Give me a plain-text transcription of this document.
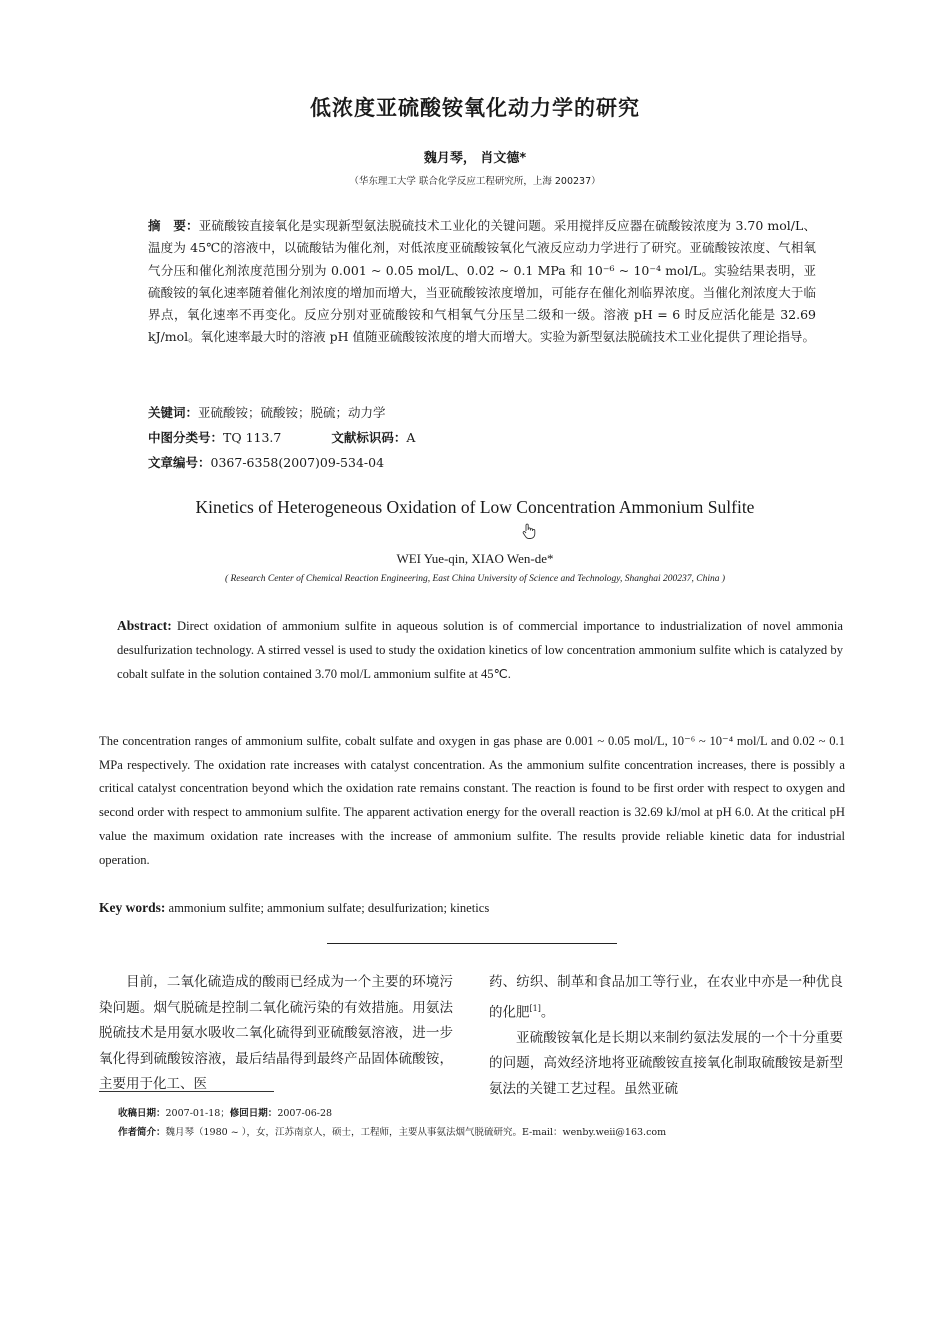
低浓度亚硫酸铵氧化动力学的研究
魏月琴， 肖文德*
（华东理工大学 联合化学反应工程研究所，上海 200237）
摘　要：亚硫酸铵直接氧化是实现新型氨法脱硫技术工业化的关键问题。采用搅拌反应器在硫酸铵浓度为 3.70 mol/L、温度为 45℃的溶液中，以硫酸钴为催化剂，对低浓度亚硫酸铵氧化气液反应动力学进行了研究。亚硫酸铵浓度、气相氧气分压和催化剂浓度范围分别为 0.001 ~ 0.05 mol/L、0.02 ~ 0.1 MPa 和 10⁻⁶ ~ 10⁻⁴ mol/L。实验结果表明，亚硫酸铵的氧化速率随着催化剂浓度的增加而增大，当亚硫酸铵浓度增加，可能存在催化剂临界浓度。当催化剂浓度大于临界点，氧化速率不再变化。反应分别对亚硫酸铵和气相氧气分压呈二级和一级。溶液 pH = 6 时反应活化能是 32.69 kJ/mol。氧化速率最大时的溶液 pH 值随亚硫酸铵浓度的增大而增大。实验为新型氨法脱硫技术工业化提供了理论指导。
关键词：亚硫酸铵；硫酸铵；脱硫；动力学
中图分类号：TQ 113.7	文献标识码：A
文章编号：0367-6358(2007)09-534-04
Kinetics of Heterogeneous Oxidation of Low Concentration Ammonium Sulfite
WEI Yue-qin, XIAO Wen-de*
( Research Center of Chemical Reaction Engineering, East China University of Science and Technology, Shanghai 200237, China )
Abstract: Direct oxidation of ammonium sulfite in aqueous solution is of commercial importance to industrialization of novel ammonia desulfurization technology. A stirred vessel is used to study the oxidation kinetics of low concentration ammonium sulfite which is catalyzed by cobalt sulfate in the solution contained 3.70 mol/L ammonium sulfite at 45℃.
The concentration ranges of ammonium sulfite, cobalt sulfate and oxygen in gas phase are 0.001 ~ 0.05 mol/L, 10⁻⁶ ~ 10⁻⁴ mol/L and 0.02 ~ 0.1 MPa respectively. The oxidation rate increases with catalyst concentration. As the ammonium sulfite concentration increases, there is possibly a critical catalyst concentration beyond which the oxidation rate remains constant. The reaction is found to be first order with respect to oxygen and second order with respect to ammonium sulfite. The apparent activation energy for the overall reaction is 32.69 kJ/mol at pH 6.0. At the critical pH value the maximum oxidation rate increases with the increase of ammonium sulfite. The results provide reliable kinetic data for industrial operation.
Key words: ammonium sulfite; ammonium sulfate; desulfurization; kinetics

目前，二氧化硫造成的酸雨已经成为一个主要的环境污染问题。烟气脱硫是控制二氧化硫污染的有效措施。用氨法脱硫技术是用氨水吸收二氧化硫得到亚硫酸氨溶液，进一步氧化得到硫酸铵溶液，最后结晶得到最终产品固体硫酸铵，主要用于化工、医

药、纺织、制革和食品加工等行业，在农业中亦是一种优良的化肥[1]。

亚硫酸铵氧化是长期以来制约氨法发展的一个十分重要的问题，高效经济地将亚硫酸铵直接氧化制取硫酸铵是新型氨法的关键工艺过程。虽然亚硫

收稿日期：2007-01-18；修回日期：2007-06-28
作者简介：魏月琴（1980 ~ ），女，江苏南京人，硕士，工程师，主要从事氨法烟气脱硫研究。E-mail：wenby.weii@163.com
